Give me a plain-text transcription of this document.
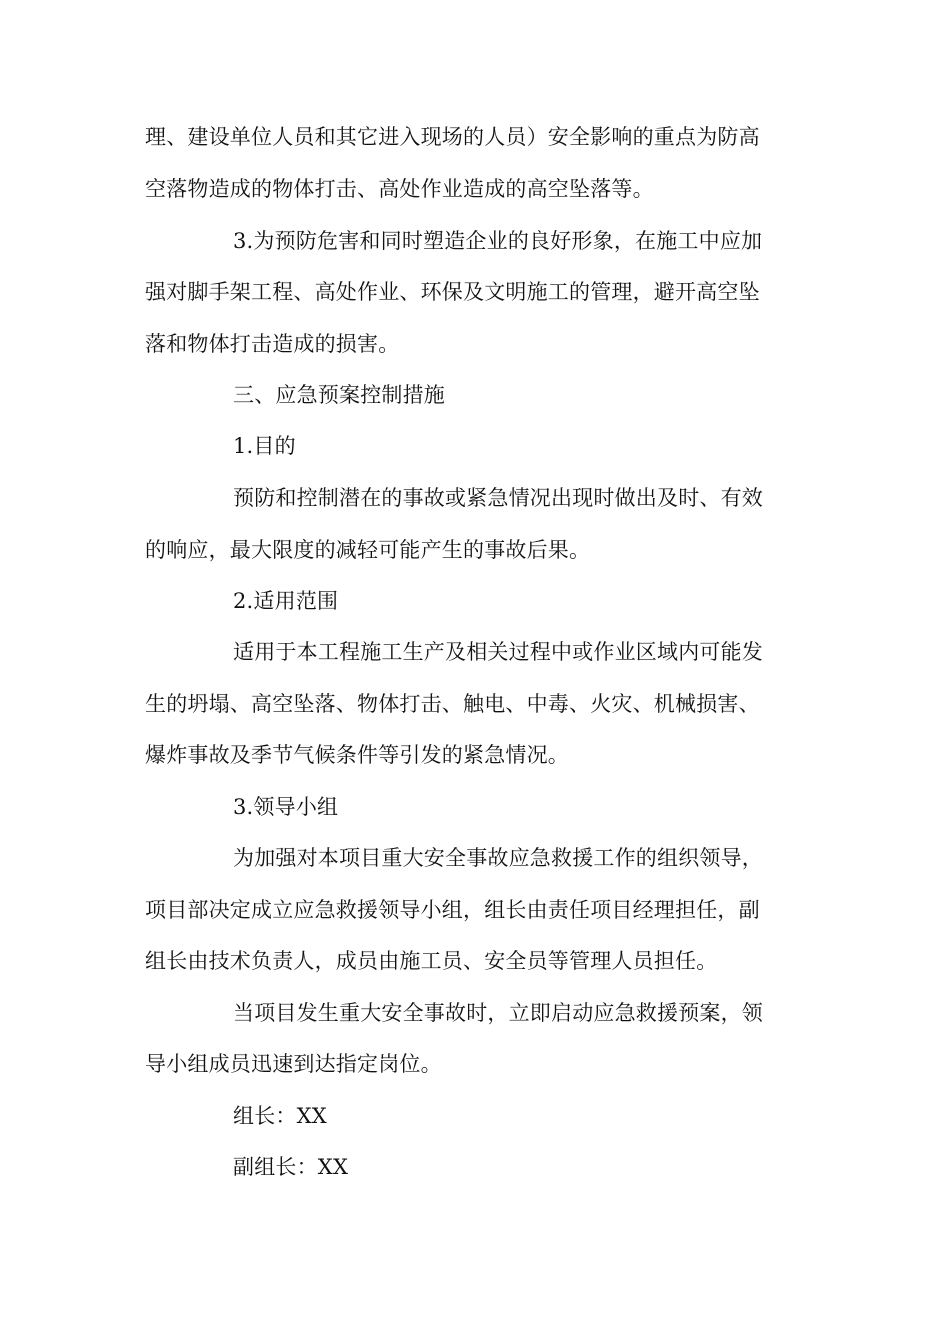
理、建设单位人员和其它进入现场的人员）安全影响的重点为防高
空落物造成的物体打击、高处作业造成的高空坠落等。
3.为预防危害和同时塑造企业的良好形象，在施工中应加
强对脚手架工程、高处作业、环保及文明施工的管理，避开高空坠
落和物体打击造成的损害。
三、应急预案控制措施
1.目的
预防和控制潜在的事故或紧急情况出现时做出及时、有效
的响应，最大限度的减轻可能产生的事故后果。
2.适用范围
适用于本工程施工生产及相关过程中或作业区域内可能发
生的坍塌、高空坠落、物体打击、触电、中毒、火灾、机械损害、
爆炸事故及季节气候条件等引发的紧急情况。
3.领导小组
为加强对本项目重大安全事故应急救援工作的组织领导，
项目部决定成立应急救援领导小组，组长由责任项目经理担任，副
组长由技术负责人，成员由施工员、安全员等管理人员担任。
当项目发生重大安全事故时，立即启动应急救援预案，领
导小组成员迅速到达指定岗位。
组长：XX
副组长：XX
